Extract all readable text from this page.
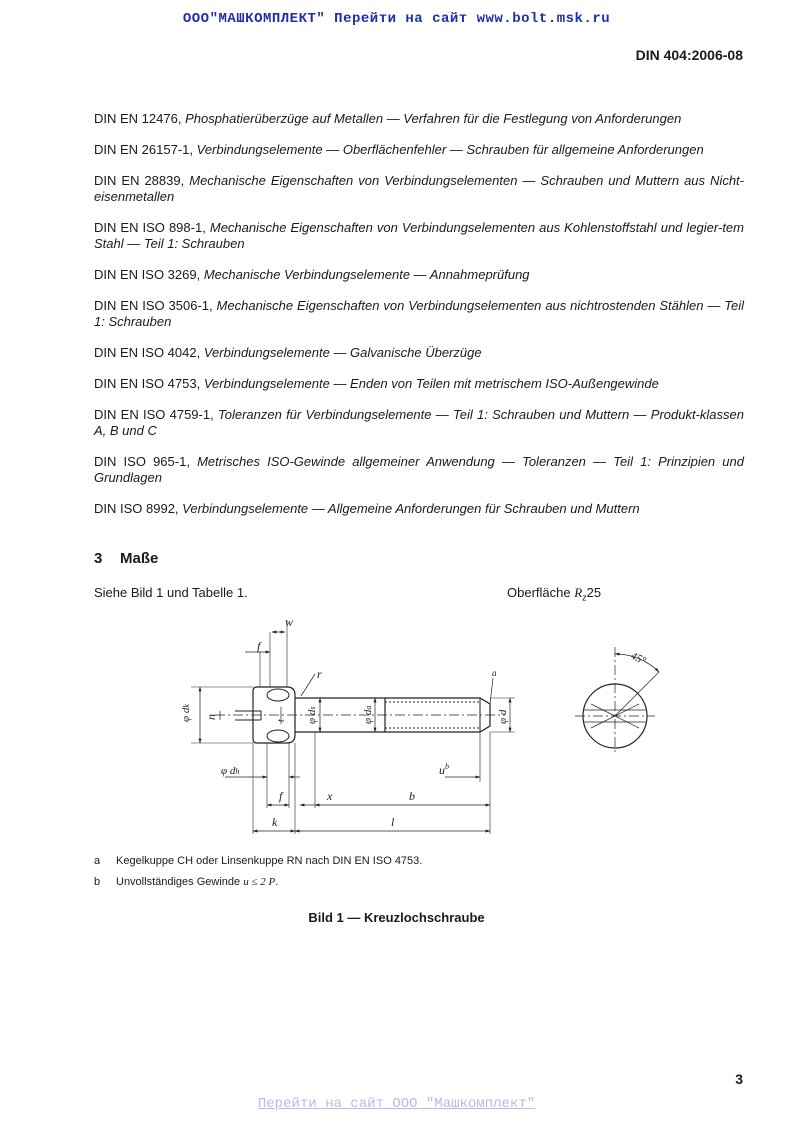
ООО"МАШКОМПЛЕКТ" Перейти на сайт www.bolt.msk.ru
DIN 404:2006-08

DIN EN 12476, Phosphatierüberzüge auf Metallen — Verfahren für die Festlegung von Anforderungen

DIN EN 26157-1, Verbindungselemente — Oberflächenfehler — Schrauben für allgemeine Anforderungen

DIN EN 28839, Mechanische Eigenschaften von Verbindungselementen — Schrauben und Muttern aus Nicht-eisenmetallen

DIN EN ISO 898-1, Mechanische Eigenschaften von Verbindungselementen aus Kohlenstoffstahl und legier-tem Stahl — Teil 1: Schrauben

DIN EN ISO 3269, Mechanische Verbindungselemente — Annahmeprüfung

DIN EN ISO 3506-1, Mechanische Eigenschaften von Verbindungselementen aus nichtrostenden Stählen — Teil 1: Schrauben

DIN EN ISO 4042, Verbindungselemente — Galvanische Überzüge

DIN EN ISO 4753, Verbindungselemente — Enden von Teilen mit metrischem ISO-Außengewinde

DIN EN ISO 4759-1, Toleranzen für Verbindungselemente — Teil 1: Schrauben und Muttern — Produkt-klassen A, B und C

DIN ISO 965-1, Metrisches ISO-Gewinde allgemeiner Anwendung — Toleranzen — Teil 1: Prinzipien und Grundlagen

DIN ISO 8992, Verbindungselemente — Allgemeine Anforderungen für Schrauben und Muttern

3 Maße
Siehe Bild 1 und Tabelle 1.	Oberfläche $R_z25$
w
f
r	a
φ dk
n
t φ ds
φ da
φ d
φ dh	$u^b$
f	x	b
k	l
45°
a Kegelkuppe CH oder Linsenkuppe RN nach DIN EN ISO 4753.
b Unvollständiges Gewinde u ≤ 2 P.
Bild 1 — Kreuzlochschraube
3
Перейти на сайт ООО "Машкомплект"
